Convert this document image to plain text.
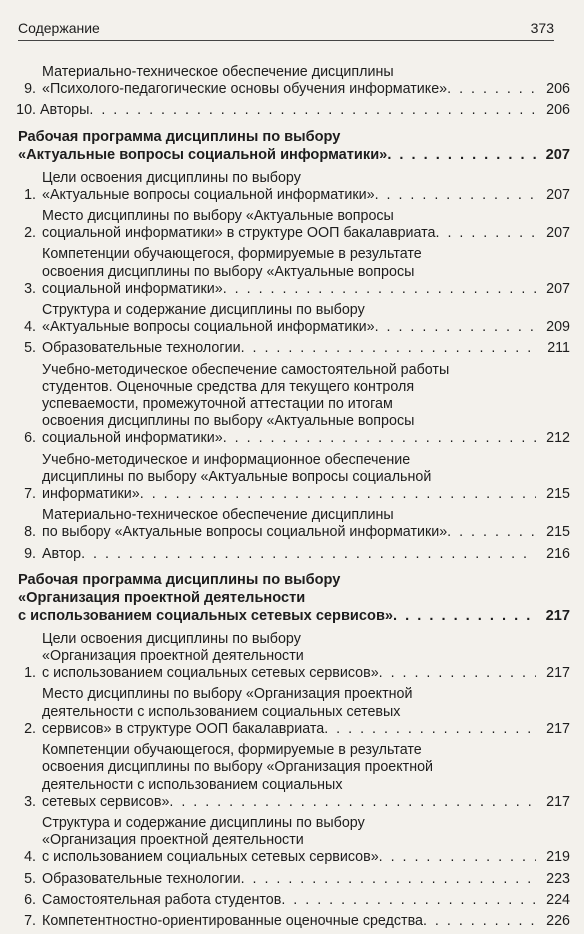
Содержание	373
9.
Материально-техническое обеспечение дисциплины
«Психолого-педагогические основы обучения информатике» . . .	206
10. Авторы . . .	206
Рабочая программа дисциплины по выбору
«Актуальные вопросы социальной информатики» . . .	207
1.
Цели освоения дисциплины по выбору
«Актуальные вопросы социальной информатики» . . .	207
2.
Место дисциплины по выбору «Актуальные вопросы
социальной информатики» в структуре ООП бакалавриата . . .	207
3.
Компетенции обучающегося, формируемые в результате
освоения дисциплины по выбору «Актуальные вопросы
социальной информатики» . . .	207
4.
Структура и содержание дисциплины по выбору
«Актуальные вопросы социальной информатики» . . .	209
5. Образовательные технологии . . .	211
6.
Учебно-методическое обеспечение самостоятельной работы
студентов. Оценочные средства для текущего контроля
успеваемости, промежуточной аттестации по итогам
освоения дисциплины по выбору «Актуальные вопросы
социальной информатики» . . .	212
7.
Учебно-методическое и информационное обеспечение
дисциплины по выбору «Актуальные вопросы социальной
информатики» . . .	215
8.
Материально-техническое обеспечение дисциплины
по выбору «Актуальные вопросы социальной информатики» . . .	215
9. Автор . . .	216
Рабочая программа дисциплины по выбору
«Организация проектной деятельности
с использованием социальных сетевых сервисов» . . .	217
1.
Цели освоения дисциплины по выбору
«Организация проектной деятельности
с использованием социальных сетевых сервисов» . . .	217
2.
Место дисциплины по выбору «Организация проектной
деятельности с использованием социальных сетевых
сервисов» в структуре ООП бакалавриата . . .	217
3.
Компетенции обучающегося, формируемые в результате
освоения дисциплины по выбору «Организация проектной
деятельности с использованием социальных
сетевых сервисов» . . .	217
4.
Структура и содержание дисциплины по выбору
«Организация проектной деятельности
с использованием социальных сетевых сервисов» . . .	219
5. Образовательные технологии . . .	223
6. Самостоятельная работа студентов . . .	224
7. Компетентностно-ориентированные оценочные средства . . .	226
